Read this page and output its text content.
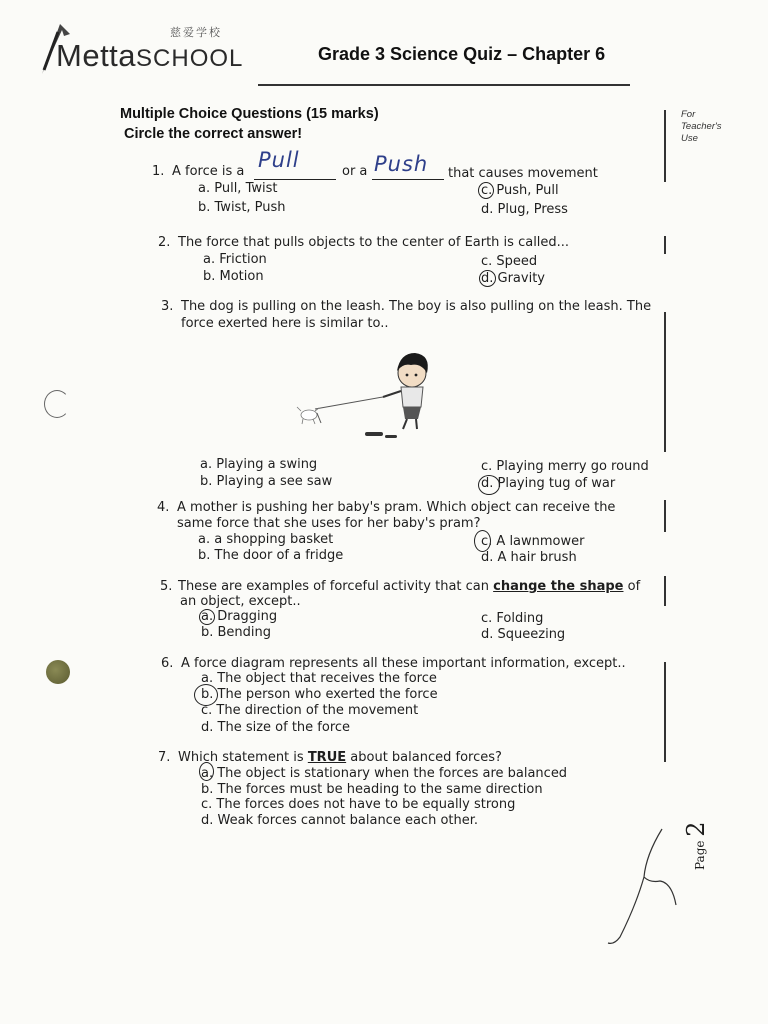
MettaSCHOOL
慈爱学校
Grade 3 Science Quiz – Chapter 6
Multiple Choice Questions (15 marks)
Circle the correct answer!
For
Teacher's
Use
1. A force is a Pull	or a Push that causes movement
a. Pull, Twist
b. Twist, Push
c. Push, Pull
d. Plug, Press
2. The force that pulls objects to the center of Earth is called...
a. Friction
b. Motion
c. Speed
d. Gravity
3. The dog is pulling on the leash. The boy is also pulling on the leash. The
force exerted here is similar to..
a. Playing a swing
b. Playing a see saw
c. Playing merry go round
d. Playing tug of war
4. A mother is pushing her baby's pram. Which object can receive the
same force that she uses for her baby's pram?
a. a shopping basket
b. The door of a fridge
c. A lawnmower
d. A hair brush
5. These are examples of forceful activity that can change the shape of
an object, except..
a. Dragging
b. Bending
c. Folding
d. Squeezing
6. A force diagram represents all these important information, except..
a. The object that receives the force
b. The person who exerted the force
c. The direction of the movement
d. The size of the force
7. Which statement is TRUE about balanced forces?
a. The object is stationary when the forces are balanced
b. The forces must be heading to the same direction
c. The forces does not have to be equally strong
d. Weak forces cannot balance each other.
Page 2
